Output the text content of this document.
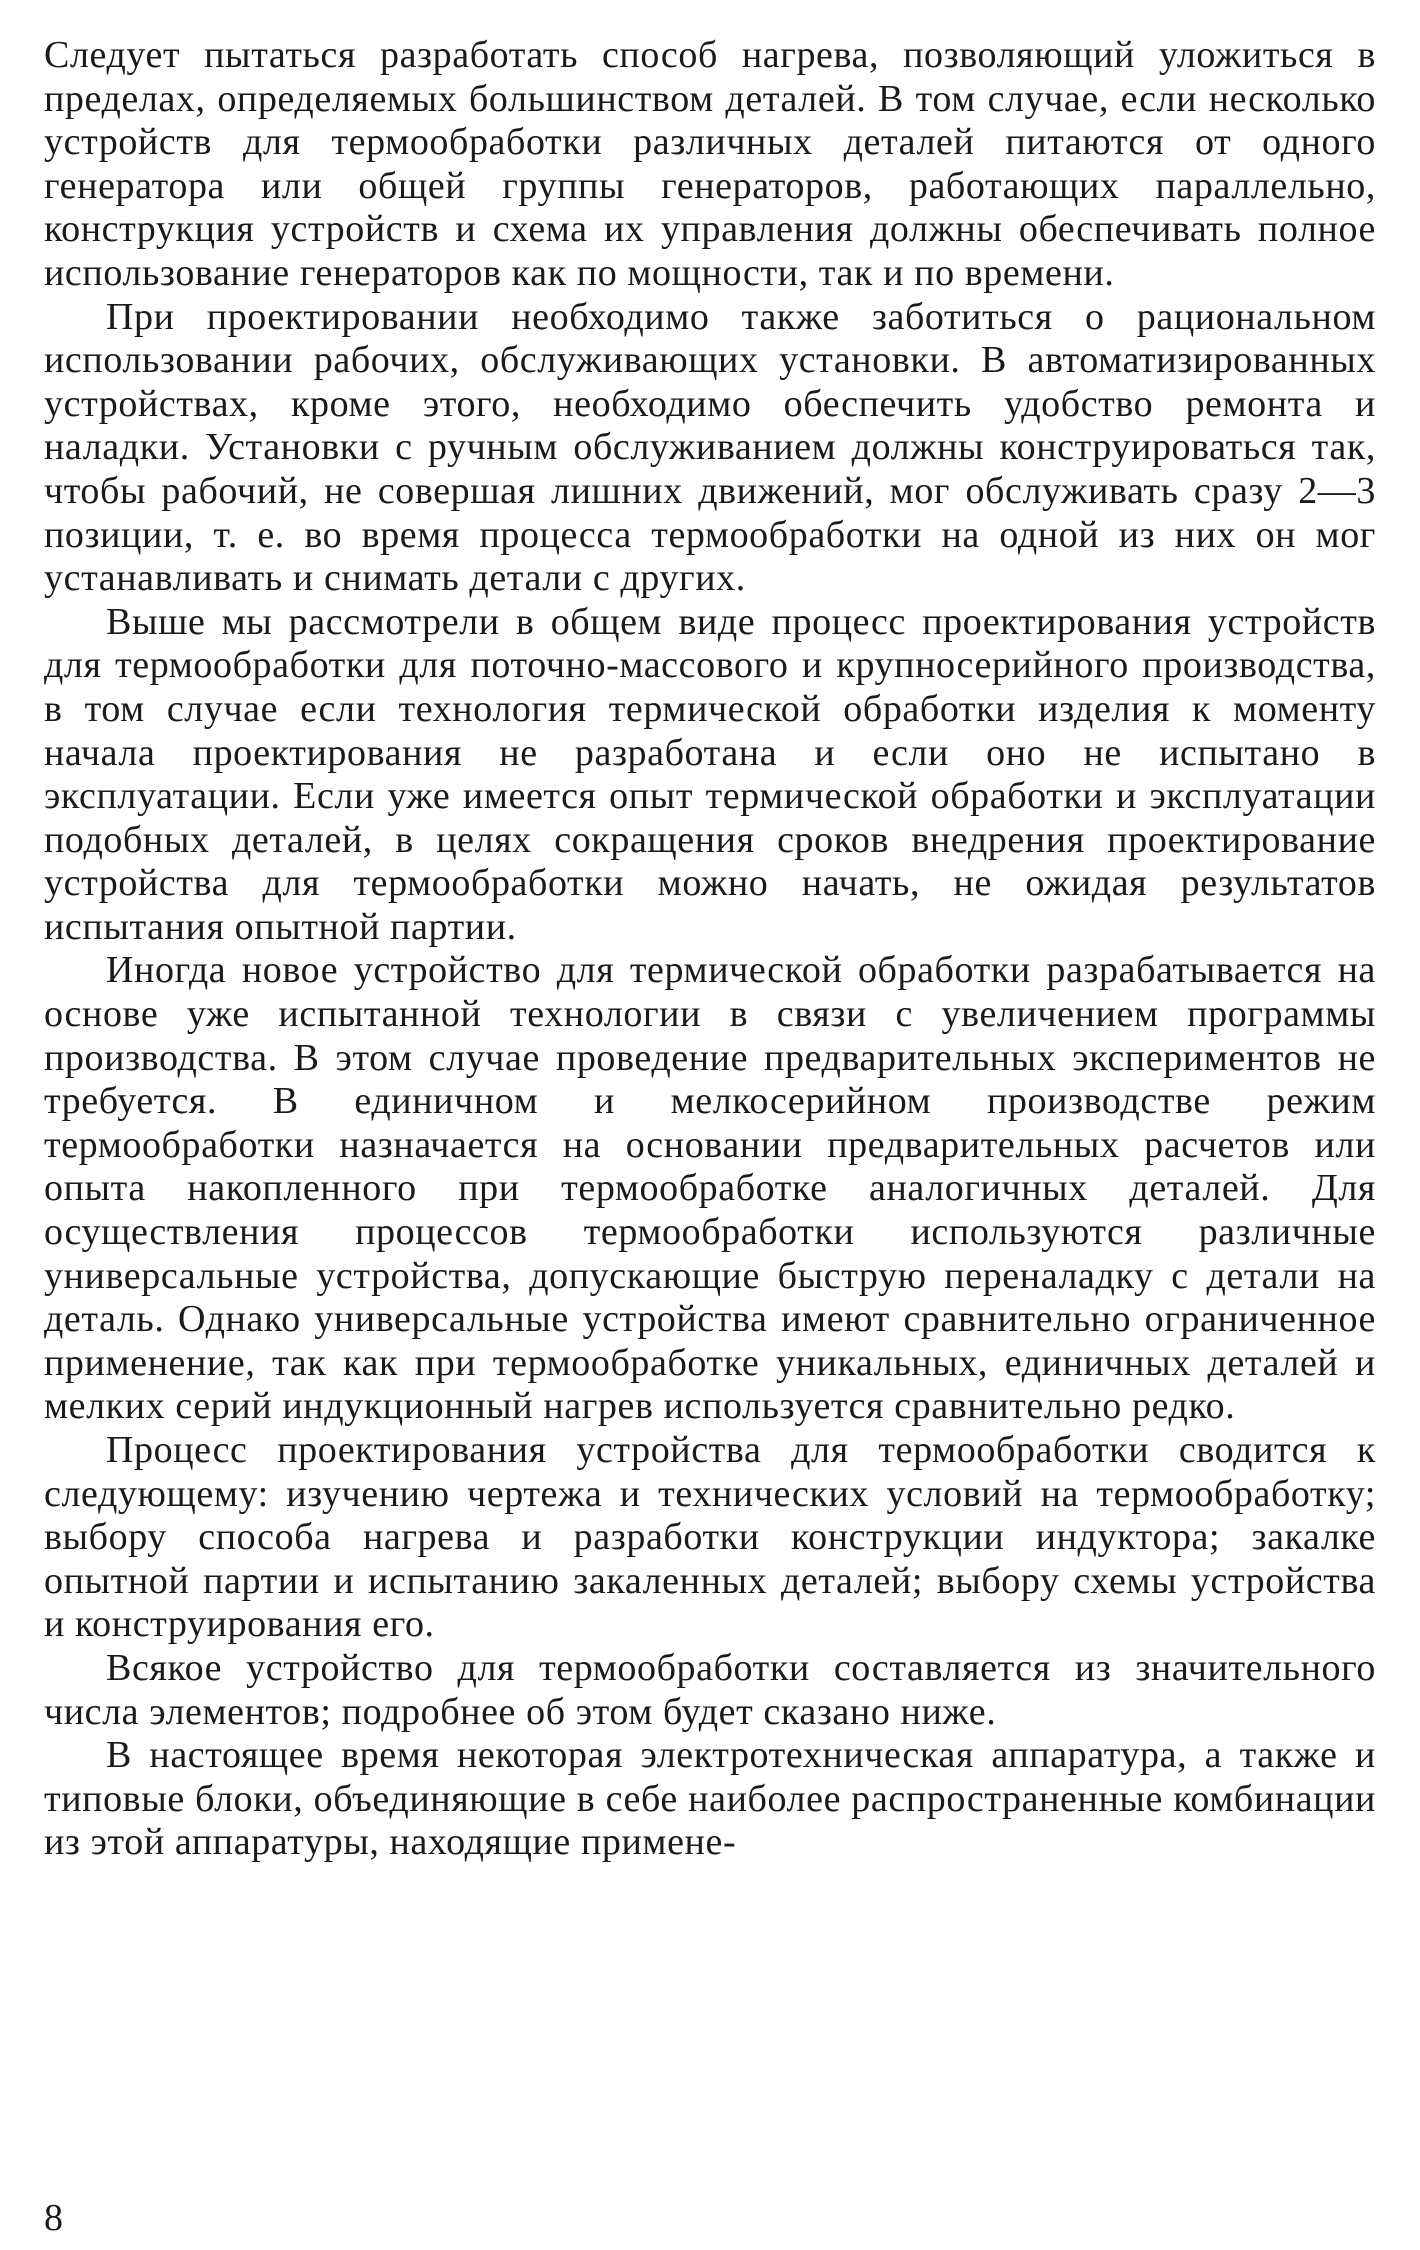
Следует пытаться разработать способ нагрева, позволяющий уложиться в пределах, определяемых большинством деталей. В том случае, если несколько устройств для термообработки различных деталей питаются от одного генератора или общей группы генераторов, работающих параллельно, конструкция устройств и схема их управления должны обеспечивать полное использование генераторов как по мощности, так и по времени.

При проектировании необходимо также заботиться о рациональном использовании рабочих, обслуживающих установки. В автоматизированных устройствах, кроме этого, необходимо обеспечить удобство ремонта и наладки. Установки с ручным обслуживанием должны конструироваться так, чтобы рабочий, не совершая лишних движений, мог обслуживать сразу 2—3 позиции, т. е. во время процесса термообработки на одной из них он мог устанавливать и снимать детали с других.

Выше мы рассмотрели в общем виде процесс проектирования устройств для термообработки для поточно-массового и крупносерийного производства, в том случае если технология термической обработки изделия к моменту начала проектирования не разработана и если оно не испытано в эксплуатации. Если уже имеется опыт термической обработки и эксплуатации подобных деталей, в целях сокращения сроков внедрения проектирование устройства для термообработки можно начать, не ожидая результатов испытания опытной партии.

Иногда новое устройство для термической обработки разрабатывается на основе уже испытанной технологии в связи с увеличением программы производства. В этом случае проведение предварительных экспериментов не требуется. В единичном и мелкосерийном производстве режим термообработки назначается на основании предварительных расчетов или опыта накопленного при термообработке аналогичных деталей. Для осуществления процессов термообработки используются различные универсальные устройства, допускающие быструю переналадку с детали на деталь. Однако универсальные устройства имеют сравнительно ограниченное применение, так как при термообработке уникальных, единичных деталей и мелких серий индукционный нагрев используется сравнительно редко.

Процесс проектирования устройства для термообработки сводится к следующему: изучению чертежа и технических условий на термообработку; выбору способа нагрева и разработки конструкции индуктора; закалке опытной партии и испытанию закаленных деталей; выбору схемы устройства и конструирования его.

Всякое устройство для термообработки составляется из значительного числа элементов; подробнее об этом будет сказано ниже.

В настоящее время некоторая электротехническая аппаратура, а также и типовые блоки, объединяющие в себе наиболее распространенные комбинации из этой аппаратуры, находящие примене-

8
